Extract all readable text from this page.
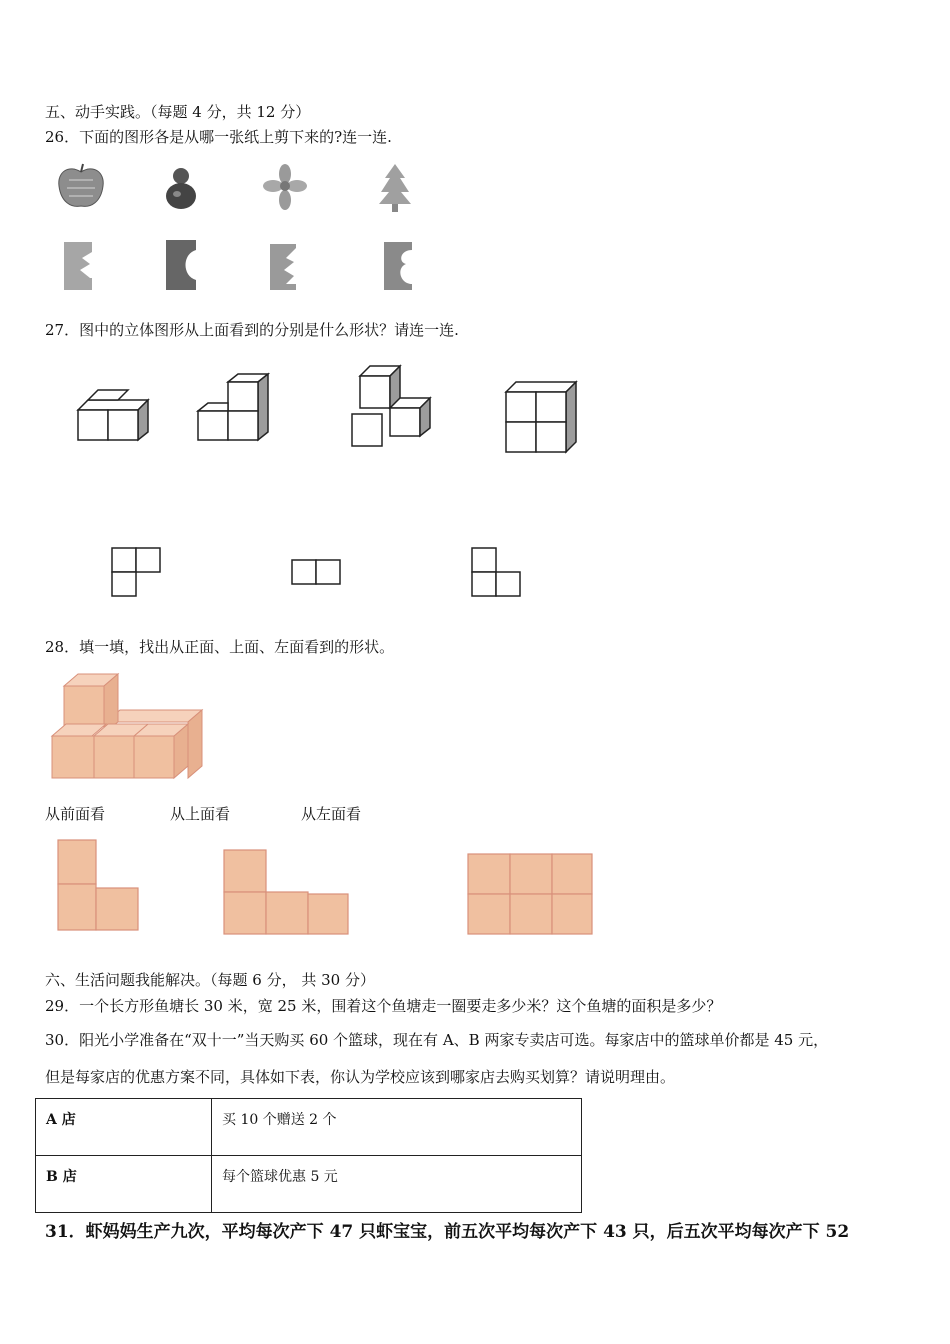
五、动手实践。（每题 4 分，共 12 分）
26．下面的图形各是从哪一张纸上剪下来的?连一连.
27．图中的立体图形从上面看到的分别是什么形状？请连一连.
28．填一填，找出从正面、上面、左面看到的形状。
从前面看	从上面看	从左面看
六、生活问题我能解决。（每题 6 分， 共 30 分）
29．一个长方形鱼塘长 30 米，宽 25 米，围着这个鱼塘走一圈要走多少米？这个鱼塘的面积是多少？
30．阳光小学准备在“双十一”当天购买 60 个篮球，现在有 A、B 两家专卖店可选。每家店中的篮球单价都是 45 元，
但是每家店的优惠方案不同，具体如下表，你认为学校应该到哪家店去购买划算？请说明理由。
A 店	买 10 个赠送 2 个
B 店	每个篮球优惠 5 元
31．虾妈妈生产九次，平均每次产下 47 只虾宝宝，前五次平均每次产下 43 只，后五次平均每次产下 52
